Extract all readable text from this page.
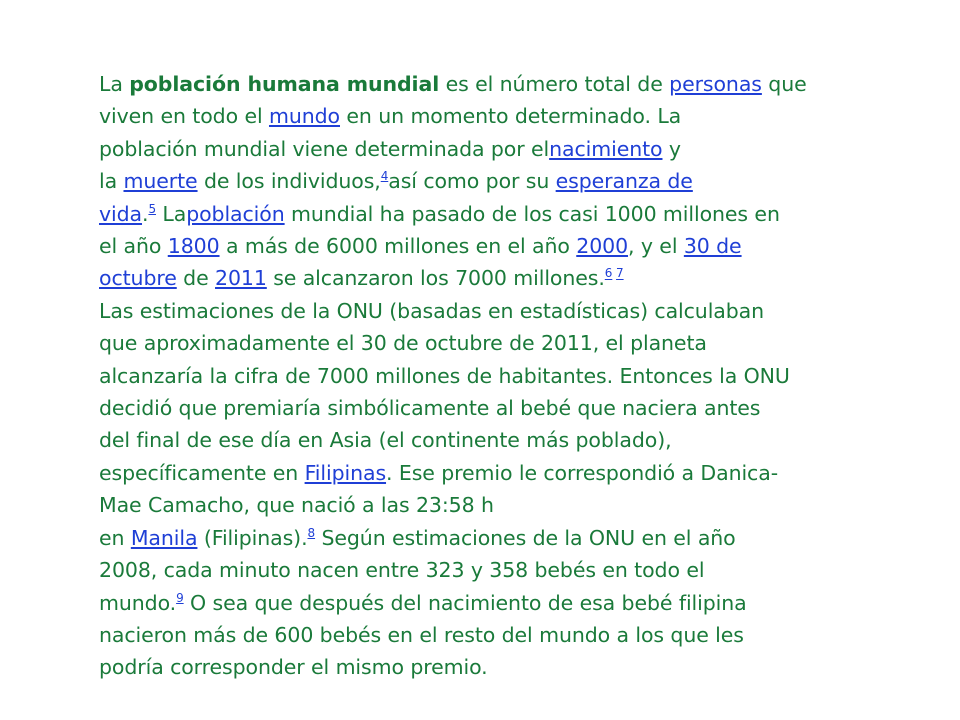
La población humana mundial es el número total de personas que
viven en todo el mundo en un momento determinado. La
población mundial viene determinada por elnacimiento y
la muerte de los individuos,$^4$así como por su esperanza de
vida.$^5$ Lapoblación mundial ha pasado de los casi 1000 millones en
el año 1800 a más de 6000 millones en el año 2000, y el 30 de
octubre de 2011 se alcanzaron los 7000 millones.$^{6 7}$
Las estimaciones de la ONU (basadas en estadísticas) calculaban
que aproximadamente el 30 de octubre de 2011, el planeta
alcanzaría la cifra de 7000 millones de habitantes. Entonces la ONU
decidió que premiaría simbólicamente al bebé que naciera antes
del final de ese día en Asia (el continente más poblado),
específicamente en Filipinas. Ese premio le correspondió a Danica-
Mae Camacho, que nació a las 23:58 h
en Manila (Filipinas).$^8$ Según estimaciones de la ONU en el año
2008, cada minuto nacen entre 323 y 358 bebés en todo el
mundo.$^9$ O sea que después del nacimiento de esa bebé filipina
nacieron más de 600 bebés en el resto del mundo a los que les
podría corresponder el mismo premio.
